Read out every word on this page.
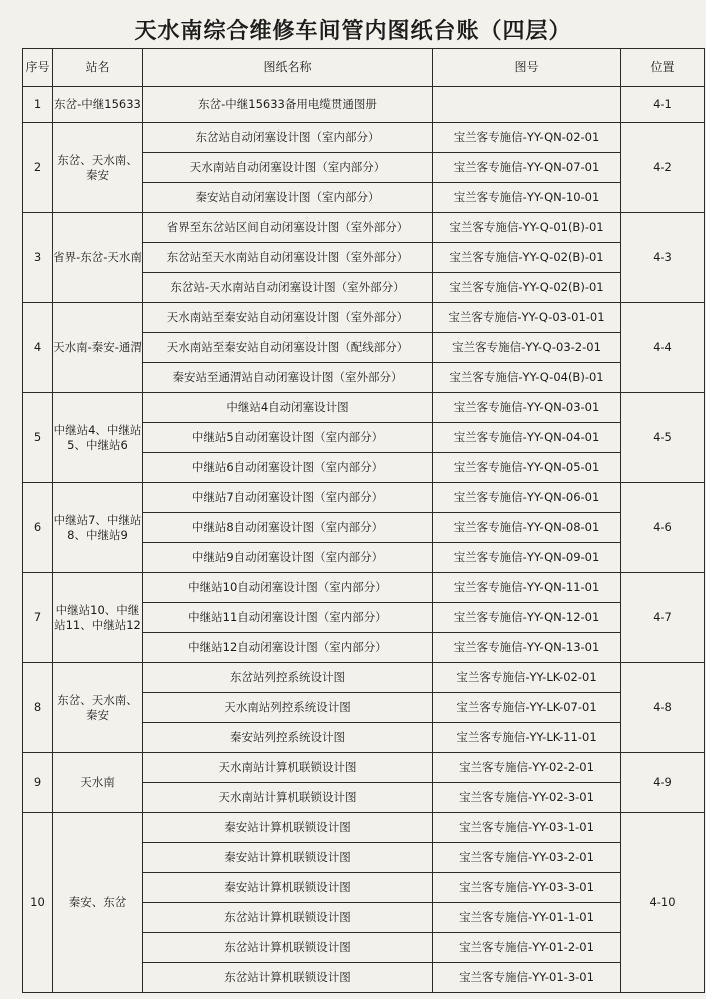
天水南综合维修车间管内图纸台账（四层）
序号	站名	图纸名称	图号	位置
1	东岔-中继15633	东岔-中继15633备用电缆贯通图册		4-1
2	东岔、天水南、秦安	东岔站自动闭塞设计图（室内部分）	宝兰客专施信-YY-QN-02-01	4-2
		天水南站自动闭塞设计图（室内部分）	宝兰客专施信-YY-QN-07-01	
		秦安站自动闭塞设计图（室内部分）	宝兰客专施信-YY-QN-10-01	
3	省界-东岔-天水南	省界至东岔站区间自动闭塞设计图（室外部分）	宝兰客专施信-YY-Q-01(B)-01	4-3
		东岔站至天水南站自动闭塞设计图（室外部分）	宝兰客专施信-YY-Q-02(B)-01	
		东岔站-天水南站自动闭塞设计图（室外部分）	宝兰客专施信-YY-Q-02(B)-01	
4	天水南-秦安-通渭	天水南站至秦安站自动闭塞设计图（室外部分）	宝兰客专施信-YY-Q-03-01-01	4-4
		天水南站至秦安站自动闭塞设计图（配线部分）	宝兰客专施信-YY-Q-03-2-01	
		秦安站至通渭站自动闭塞设计图（室外部分）	宝兰客专施信-YY-Q-04(B)-01	
5	中继站4、中继站5、中继站6	中继站4自动闭塞设计图	宝兰客专施信-YY-QN-03-01	4-5
		中继站5自动闭塞设计图（室内部分）	宝兰客专施信-YY-QN-04-01	
		中继站6自动闭塞设计图（室内部分）	宝兰客专施信-YY-QN-05-01	
6	中继站7、中继站8、中继站9	中继站7自动闭塞设计图（室内部分）	宝兰客专施信-YY-QN-06-01	4-6
		中继站8自动闭塞设计图（室内部分）	宝兰客专施信-YY-QN-08-01	
		中继站9自动闭塞设计图（室内部分）	宝兰客专施信-YY-QN-09-01	
7	中继站10、中继站11、中继站12	中继站10自动闭塞设计图（室内部分）	宝兰客专施信-YY-QN-11-01	4-7
		中继站11自动闭塞设计图（室内部分）	宝兰客专施信-YY-QN-12-01	
		中继站12自动闭塞设计图（室内部分）	宝兰客专施信-YY-QN-13-01	
8	东岔、天水南、秦安	东岔站列控系统设计图	宝兰客专施信-YY-LK-02-01	4-8
		天水南站列控系统设计图	宝兰客专施信-YY-LK-07-01	
		秦安站列控系统设计图	宝兰客专施信-YY-LK-11-01	
9	天水南	天水南站计算机联锁设计图	宝兰客专施信-YY-02-2-01	4-9
		天水南站计算机联锁设计图	宝兰客专施信-YY-02-3-01	
10	秦安、东岔	秦安站计算机联锁设计图	宝兰客专施信-YY-03-1-01	4-10
		秦安站计算机联锁设计图	宝兰客专施信-YY-03-2-01	
		秦安站计算机联锁设计图	宝兰客专施信-YY-03-3-01	
		东岔站计算机联锁设计图	宝兰客专施信-YY-01-1-01	
		东岔站计算机联锁设计图	宝兰客专施信-YY-01-2-01	
		东岔站计算机联锁设计图	宝兰客专施信-YY-01-3-01	
